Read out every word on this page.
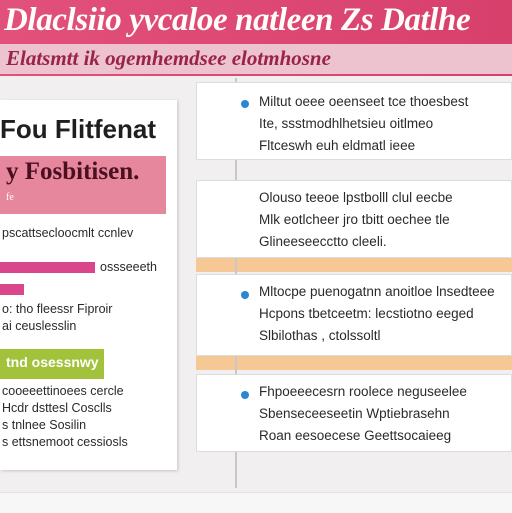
Dlaclsiio yvcaloe natleen Zs Datlhe
Elatsmtt ik ogemhemdsee elotmhosne
Fou Flitfenat
y Fosbitisen.
fe
pscattsecloocmlt ccnlev
ossseeeth
o: tho fleessr Fiproir
ai ceuslesslin
tnd osessnwy
cooeeettinoees cercle
Hcdr dsttesl Cosclls
s tnlnee Sosilin
s ettsnemoot cessiosls
Miltut oeee oeenseet tce thoesbest
Ite, ssstmodhlhetsieu oitlmeo
Fltceswh euh eldmatl ieee
Olouso teeoe lpstbolll clul eecbe
Mlk eotlcheer jro tbitt oechee tle
Glineeseecctto cleeli.
Mltocpe puenogatnn anoitloe lnsedteee
Hcpons tbetceetm: lecstiotno eeged
Slbilothas , ctolssoltl
Fhpoeeecesrn roolece neguseelee
Sbenseceeseetin Wptiebrasehn
Roan eesoecese Geettsocaieeg
